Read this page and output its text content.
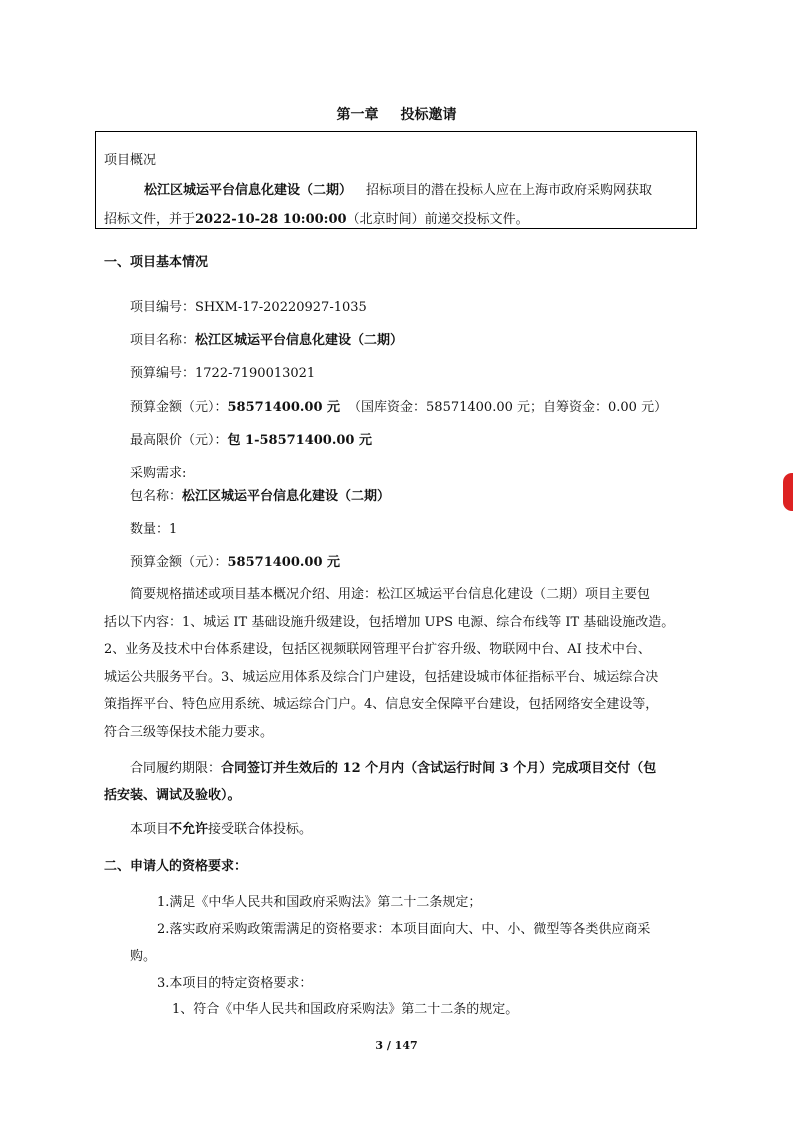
第一章 投标邀请
项目概况
松江区城运平台信息化建设（二期） 招标项目的潜在投标人应在上海市政府采购网获取
招标文件，并于2022-10-28 10:00:00（北京时间）前递交投标文件。
一、项目基本情况
项目编号：SHXM-17-20220927-1035
项目名称：松江区城运平台信息化建设（二期）
预算编号：1722-7190013021
预算金额（元）：58571400.00 元 （国库资金：58571400.00 元；自筹资金：0.00 元）
最高限价（元）：包 1-58571400.00 元
采购需求:
包名称：松江区城运平台信息化建设（二期）
数量：1
预算金额（元）：58571400.00 元
简要规格描述或项目基本概况介绍、用途：松江区城运平台信息化建设（二期）项目主要包
括以下内容：1、城运 IT 基础设施升级建设，包括增加 UPS 电源、综合布线等 IT 基础设施改造。
2、业务及技术中台体系建设，包括区视频联网管理平台扩容升级、物联网中台、AI 技术中台、
城运公共服务平台。3、城运应用体系及综合门户建设，包括建设城市体征指标平台、城运综合决
策指挥平台、特色应用系统、城运综合门户。4、信息安全保障平台建设，包括网络安全建设等，
符合三级等保技术能力要求。
合同履约期限：合同签订并生效后的 12 个月内（含试运行时间 3 个月）完成项目交付（包
括安装、调试及验收）。
本项目不允许接受联合体投标。
二、申请人的资格要求：
1.满足《中华人民共和国政府采购法》第二十二条规定；
2.落实政府采购政策需满足的资格要求：本项目面向大、中、小、微型等各类供应商采
购。
3.本项目的特定资格要求：
1、符合《中华人民共和国政府采购法》第二十二条的规定。
3 / 147
